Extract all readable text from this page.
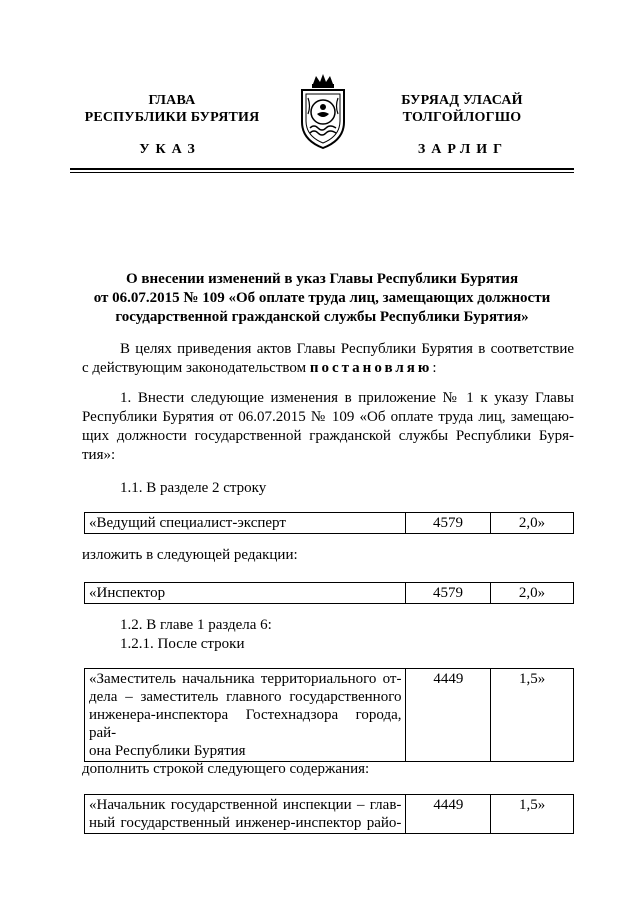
ГЛАВА
РЕСПУБЛИКИ БУРЯТИЯ
БУРЯАД УЛАСАЙ
ТОЛГОЙЛОГШО
УКАЗ	ЗАРЛИГ
О внесении изменений в указ Главы Республики Бурятия
от 06.07.2015 № 109 «Об оплате труда лиц, замещающих должности
государственной гражданской службы Республики Бурятия»
В целях приведения актов Главы Республики Бурятия в соответствие
с действующим законодательством постановляю:
1. Внести следующие изменения в приложение № 1 к указу Главы
Республики Бурятия от 06.07.2015 № 109 «Об оплате труда лиц, замещаю-
щих должности государственной гражданской службы Республики Буря-
тия»:
1.1. В разделе 2 строку
«Ведущий специалист-эксперт	4579	2,0»
изложить в следующей редакции:
«Инспектор	4579	2,0»
1.2. В главе 1 раздела 6:
1.2.1. После строки
«Заместитель начальника территориального от-
дела – заместитель главного государственного
инженера-инспектора Гостехнадзора города, рай-
она Республики Бурятия
	4449	1,5»
дополнить строкой следующего содержания:
«Начальник государственной инспекции – глав-
ный государственный инженер-инспектор райо-
	4449	1,5»
